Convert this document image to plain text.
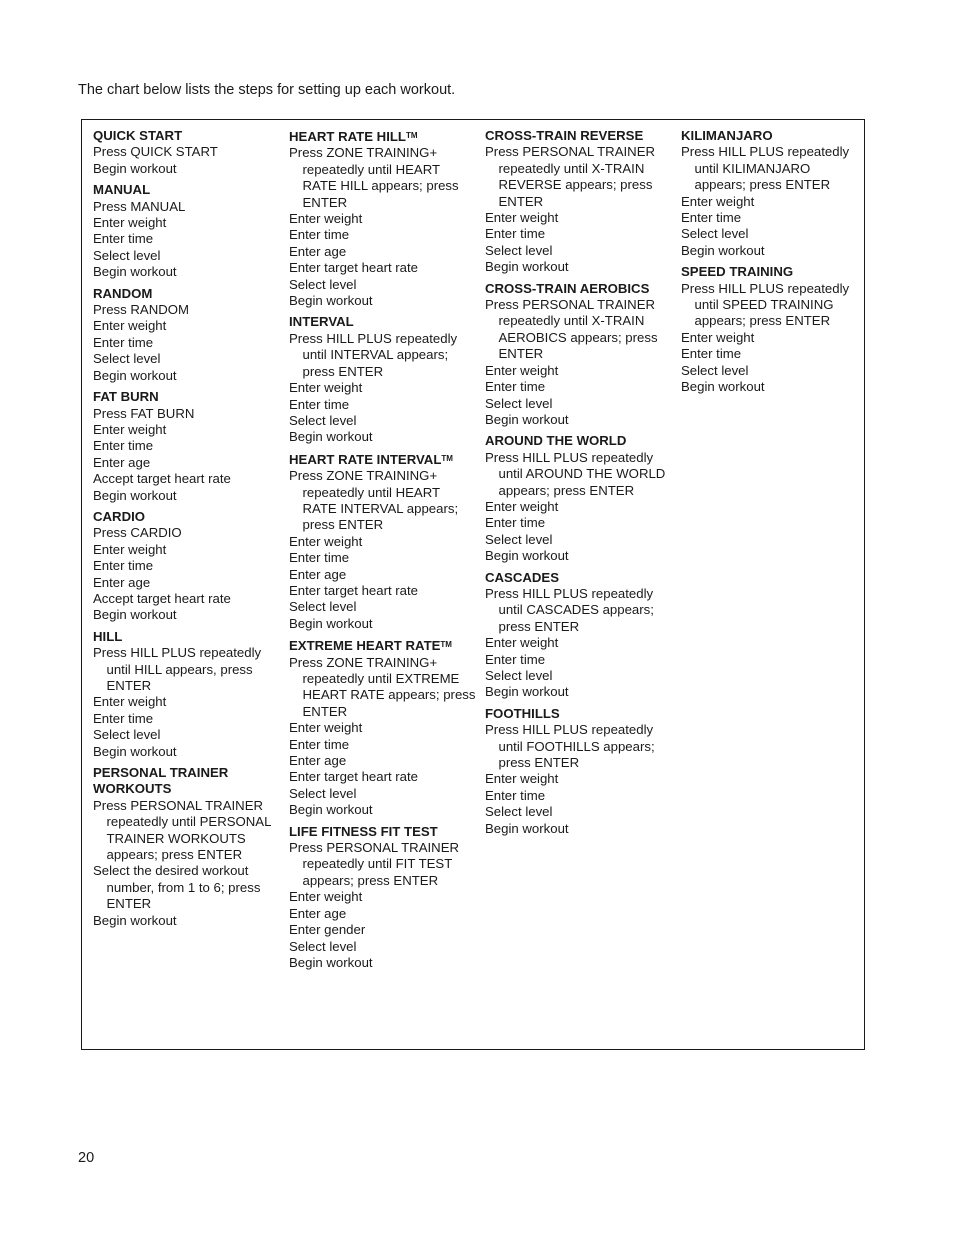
The chart below lists the steps for setting up each workout.

QUICK START

Press QUICK START

Begin workout

MANUAL

Press MANUAL

Enter weight

Enter time

Select level

Begin workout

RANDOM

Press RANDOM

Enter weight

Enter time

Select level

Begin workout

FAT BURN

Press FAT BURN

Enter weight

Enter time

Enter age

Accept target heart rate

Begin workout

CARDIO

Press CARDIO

Enter weight

Enter time

Enter age

Accept target heart rate

Begin workout

HILL

Press HILL PLUS repeatedly until HILL appears, press ENTER

Enter weight

Enter time

Select level

Begin workout

PERSONAL TRAINER WORKOUTS

Press PERSONAL TRAINER repeatedly until PERSONAL TRAINER WORKOUTS appears; press ENTER

Select the desired workout number, from 1 to 6; press ENTER

Begin workout

HEART RATE HILL™

Press ZONE TRAINING+ repeatedly until HEART RATE HILL appears; press ENTER

Enter weight

Enter time

Enter age

Enter target heart rate

Select level

Begin workout

INTERVAL

Press HILL PLUS repeatedly until INTERVAL appears; press ENTER

Enter weight

Enter time

Select level

Begin workout

HEART RATE INTERVAL™

Press ZONE TRAINING+ repeatedly until HEART RATE INTERVAL appears; press ENTER

Enter weight

Enter time

Enter age

Enter target heart rate

Select level

Begin workout

EXTREME HEART RATE™

Press ZONE TRAINING+ repeatedly until EXTREME HEART RATE appears; press ENTER

Enter weight

Enter time

Enter age

Enter target heart rate

Select level

Begin workout

LIFE FITNESS FIT TEST

Press PERSONAL TRAINER repeatedly until FIT TEST appears; press ENTER

Enter weight

Enter age

Enter gender

Select level

Begin workout

CROSS-TRAIN REVERSE

Press PERSONAL TRAINER repeatedly until X-TRAIN REVERSE appears; press ENTER

Enter weight

Enter time

Select level

Begin workout

CROSS-TRAIN AEROBICS

Press PERSONAL TRAINER repeatedly until X-TRAIN AEROBICS appears; press ENTER

Enter weight

Enter time

Select level

Begin workout

AROUND THE WORLD

Press HILL PLUS repeatedly until AROUND THE WORLD appears; press ENTER

Enter weight

Enter time

Select level

Begin workout

CASCADES

Press HILL PLUS repeatedly until CASCADES appears; press ENTER

Enter weight

Enter time

Select level

Begin workout

FOOTHILLS

Press HILL PLUS repeatedly until FOOTHILLS appears; press ENTER

Enter weight

Enter time

Select level

Begin workout

KILIMANJARO

Press HILL PLUS repeatedly until KILIMANJARO appears; press ENTER

Enter weight

Enter time

Select level

Begin workout

SPEED TRAINING

Press HILL PLUS repeatedly until SPEED TRAINING appears; press ENTER

Enter weight

Enter time

Select level

Begin workout

20
